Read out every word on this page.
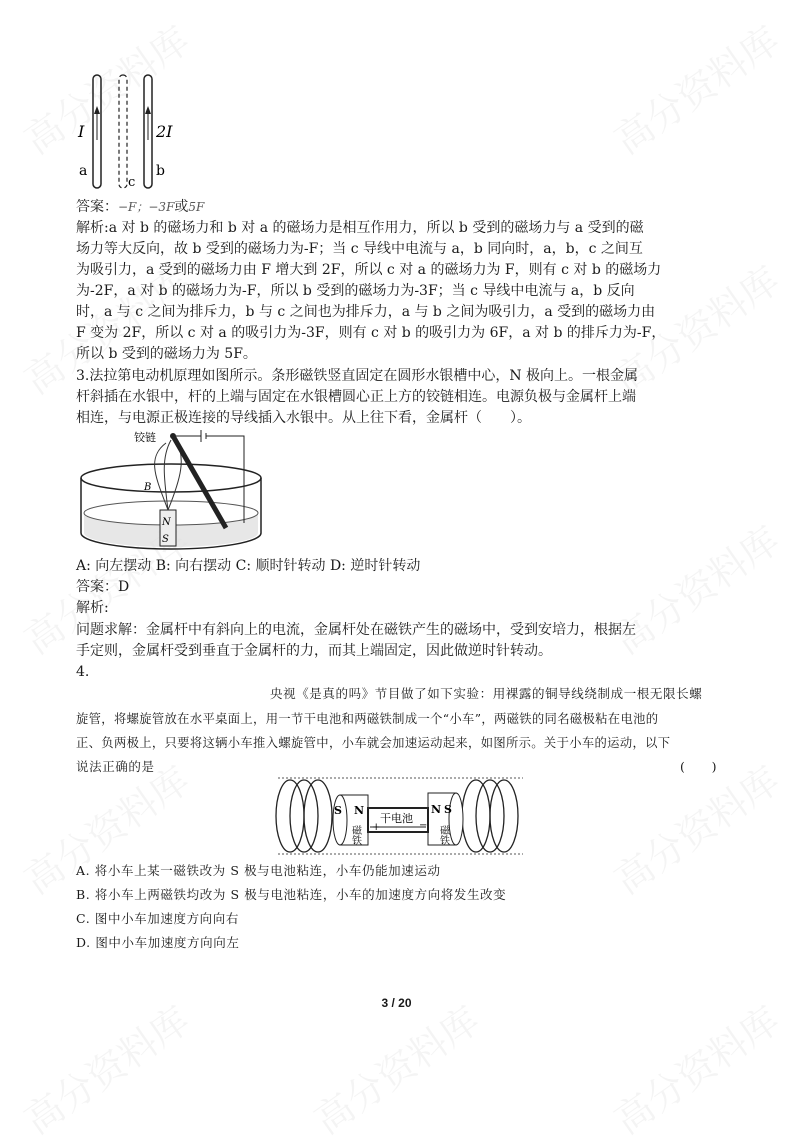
I	2I
a	b
c
答案：−F；−3F或5F
解析:a 对 b 的磁场力和 b 对 a 的磁场力是相互作用力，所以 b 受到的磁场力与 a 受到的磁
场力等大反向，故 b 受到的磁场力为-F；当 c 导线中电流与 a，b 同向时，a，b，c 之间互
为吸引力，a 受到的磁场力由 F 增大到 2F，所以 c 对 a 的磁场力为 F，则有 c 对 b 的磁场力
为-2F，a 对 b 的磁场力为-F，所以 b 受到的磁场力为-3F；当 c 导线中电流与 a，b 反向
时，a 与 c 之间为排斥力，b 与 c 之间也为排斥力，a 与 b 之间为吸引力，a 受到的磁场力由
F 变为 2F，所以 c 对 a 的吸引力为-3F，则有 c 对 b 的吸引力为 6F，a 对 b 的排斥力为-F，
所以 b 受到的磁场力为 5F。
3.法拉第电动机原理如图所示。条形磁铁竖直固定在圆形水银槽中心，N 极向上。一根金属
杆斜插在水银中，杆的上端与固定在水银槽圆心正上方的铰链相连。电源负极与金属杆上端
相连，与电源正极连接的导线插入水银中。从上往下看，金属杆（　　）。
N
S
B
铰链
A: 向左摆动 B: 向右摆动 C: 顺时针转动 D: 逆时针转动
答案：D
解析:
问题求解：金属杆中有斜向上的电流，金属杆处在磁铁产生的磁场中，受到安培力，根据左
手定则，金属杆受到垂直于金属杆的力，而其上端固定，因此做逆时针转动。
4.
央视《是真的吗》节目做了如下实验：用裸露的铜导线绕制成一根无限长螺
旋管，将螺旋管放在水平桌面上，用一节干电池和两磁铁制成一个“小车”，两磁铁的同名磁极粘在电池的
正、负两极上，只要将这辆小车推入螺旋管中，小车就会加速运动起来，如图所示。关于小车的运动，以下
说法正确的是	(　　)
S N
干电池
+	−
N S
磁铁	磁铁
A. 将小车上某一磁铁改为 S 极与电池粘连，小车仍能加速运动
B. 将小车上两磁铁均改为 S 极与电池粘连，小车的加速度方向将发生改变
C. 图中小车加速度方向向右
D. 图中小车加速度方向向左
3 / 20
